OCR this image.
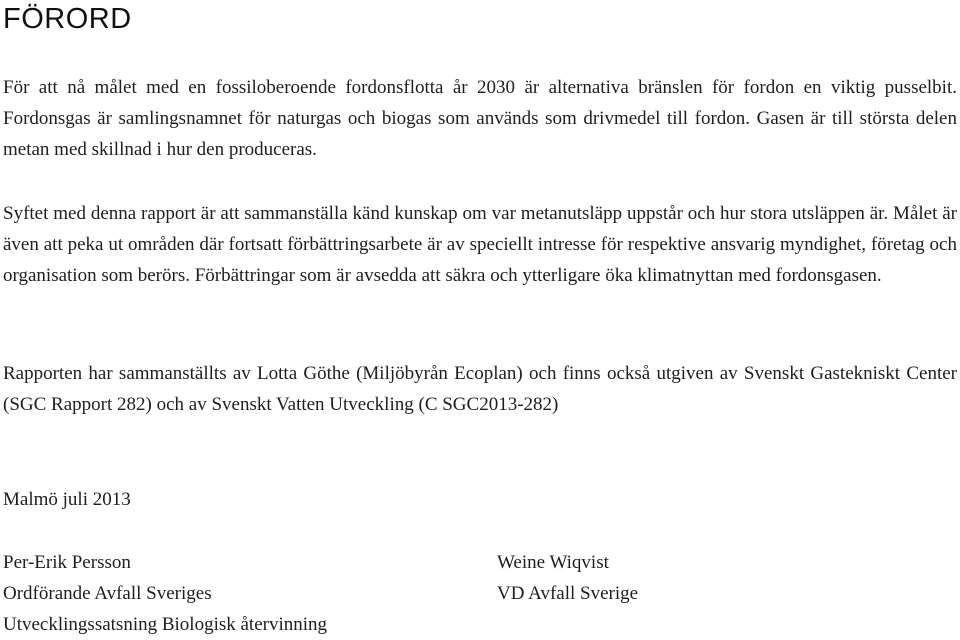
FÖRORD

För att nå målet med en fossiloberoende fordonsflotta år 2030 är alternativa bränslen för fordon en viktig pusselbit. Fordonsgas är samlingsnamnet för naturgas och biogas som används som drivmedel till fordon. Gasen är till största delen metan med skillnad i hur den produceras.

Syftet med denna rapport är att sammanställa känd kunskap om var metanutsläpp uppstår och hur stora utsläppen är. Målet är även att peka ut områden där fortsatt förbättringsarbete är av speciellt intresse för respektive ansvarig myndighet, företag och organisation som berörs. Förbättringar som är avsedda att säkra och ytterligare öka klimatnyttan med fordonsgasen.

Rapporten har sammanställts av Lotta Göthe (Miljöbyrån Ecoplan) och finns också utgiven av Svenskt Gastekniskt Center (SGC Rapport 282) och av Svenskt Vatten Utveckling (C SGC2013-282)

Malmö juli 2013

Per-Erik Persson
Ordförande Avfall Sveriges
Utvecklingssatsning Biologisk återvinning
Weine Wiqvist
VD Avfall Sverige
